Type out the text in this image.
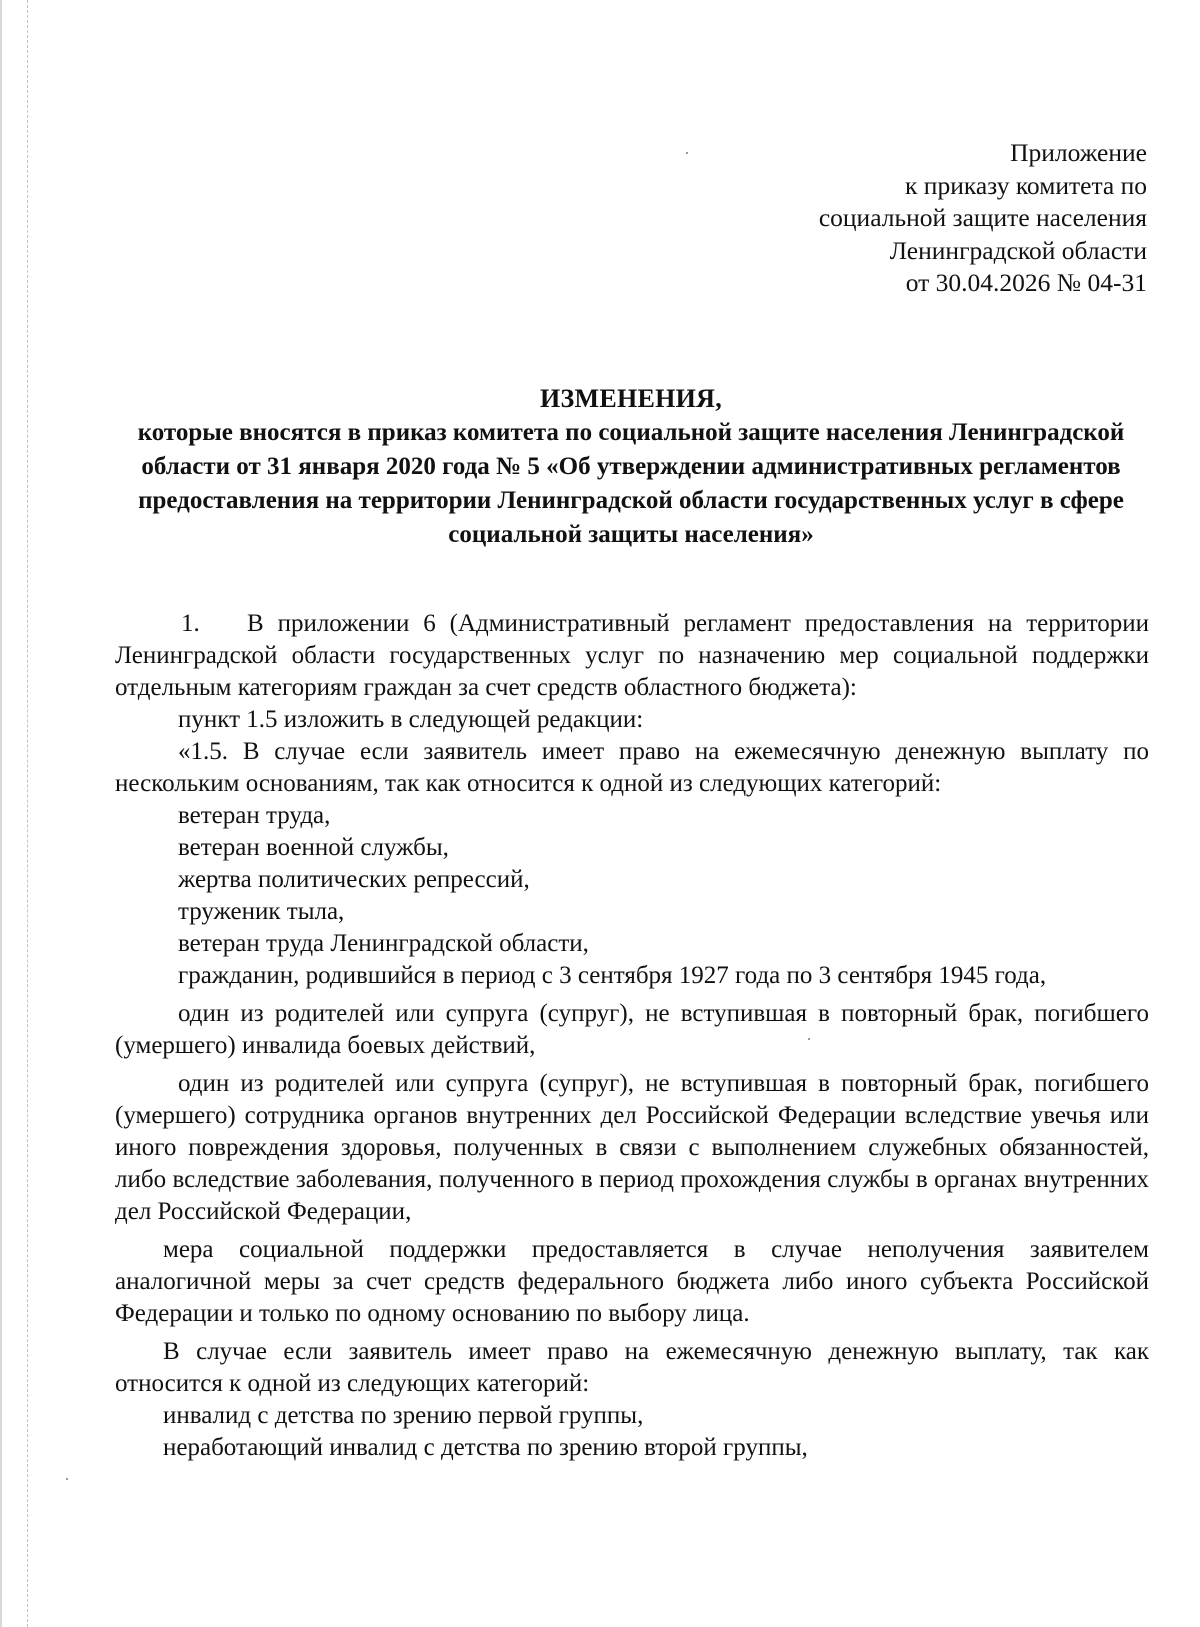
Приложение
к приказу комитета по
социальной защите населения
Ленинградской области
от 30.04.2026 № 04-31
ИЗМЕНЕНИЯ,
которые вносятся в приказ комитета по социальной защите населения Ленинградской области от 31 января 2020 года № 5 «Об утверждении административных регламентов предоставления на территории Ленинградской области государственных услуг в сфере социальной защиты населения»

1. В приложении 6 (Административный регламент предоставления на территории Ленинградской области государственных услуг по назначению мер социальной поддержки отдельным категориям граждан за счет средств областного бюджета):

пункт 1.5 изложить в следующей редакции:

«1.5. В случае если заявитель имеет право на ежемесячную денежную выплату по нескольким основаниям, так как относится к одной из следующих категорий:

ветеран труда,

ветеран военной службы,

жертва политических репрессий,

труженик тыла,

ветеран труда Ленинградской области,

гражданин, родившийся в период с 3 сентября 1927 года по 3 сентября 1945 года,

один из родителей или супруга (супруг), не вступившая в повторный брак, погибшего (умершего) инвалида боевых действий,

один из родителей или супруга (супруг), не вступившая в повторный брак, погибшего (умершего) сотрудника органов внутренних дел Российской Федерации вследствие увечья или иного повреждения здоровья, полученных в связи с выполнением служебных обязанностей, либо вследствие заболевания, полученного в период прохождения службы в органах внутренних дел Российской Федерации,

мера социальной поддержки предоставляется в случае неполучения заявителем аналогичной меры за счет средств федерального бюджета либо иного субъекта Российской Федерации и только по одному основанию по выбору лица.

В случае если заявитель имеет право на ежемесячную денежную выплату, так как относится к одной из следующих категорий:

инвалид с детства по зрению первой группы,

неработающий инвалид с детства по зрению второй группы,
